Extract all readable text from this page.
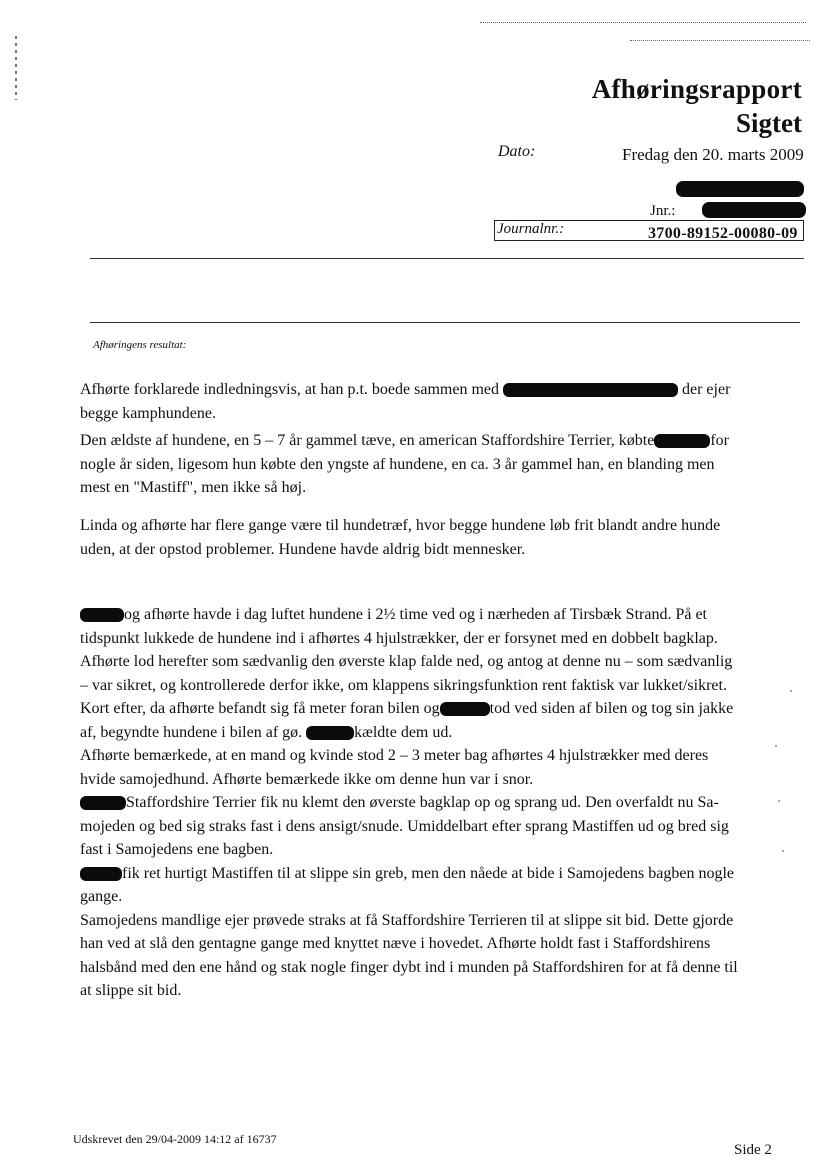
Afhøringsrapport
Sigtet
Dato:	Fredag den 20. marts 2009
Jnr.:
Journalnr.:	3700-89152-00080-09
Afhøringens resultat:
Afhørte forklarede indledningsvis, at han p.t. boede sammen med	der ejer
begge kamphundene.
Den ældste af hundene, en 5 – 7 år gammel tæve, en american Staffordshire Terrier, købte	for
nogle år siden, ligesom hun købte den yngste af hundene, en ca. 3 år gammel han, en blanding men
mest en "Mastiff", men ikke så høj.
Linda og afhørte har flere gange være til hundetræf, hvor begge hundene løb frit blandt andre hunde
uden, at der opstod problemer. Hundene havde aldrig bidt mennesker.
og afhørte havde i dag luftet hundene i 2½ time ved og i nærheden af Tirsbæk Strand. På et
tidspunkt lukkede de hundene ind i afhørtes 4 hjulstrækker, der er forsynet med en dobbelt bagklap.
Afhørte lod herefter som sædvanlig den øverste klap falde ned, og antog at denne nu – som sædvanlig
– var sikret, og kontrollerede derfor ikke, om klappens sikringsfunktion rent faktisk var lukket/sikret.
Kort efter, da afhørte befandt sig få meter foran bilen og	tod ved siden af bilen og tog sin jakke
af, begyndte hundene i bilen af gø.	kældte dem ud.
Afhørte bemærkede, at en mand og kvinde stod 2 – 3 meter bag afhørtes 4 hjulstrækker med deres
hvide samojedhund. Afhørte bemærkede ikke om denne hun var i snor.
Staffordshire Terrier fik nu klemt den øverste bagklap op og sprang ud. Den overfaldt nu Sa-
mojeden og bed sig straks fast i dens ansigt/snude. Umiddelbart efter sprang Mastiffen ud og bred sig
fast i Samojedens ene bagben.
fik ret hurtigt Mastiffen til at slippe sin greb, men den nåede at bide i Samojedens bagben nogle
gange.
Samojedens mandlige ejer prøvede straks at få Staffordshire Terrieren til at slippe sit bid. Dette gjorde
han ved at slå den gentagne gange med knyttet næve i hovedet. Afhørte holdt fast i Staffordshirens
halsbånd med den ene hånd og stak nogle finger dybt ind i munden på Staffordshiren for at få denne til
at slippe sit bid.
Udskrevet den 29/04-2009 14:12 af 16737
Side 2
